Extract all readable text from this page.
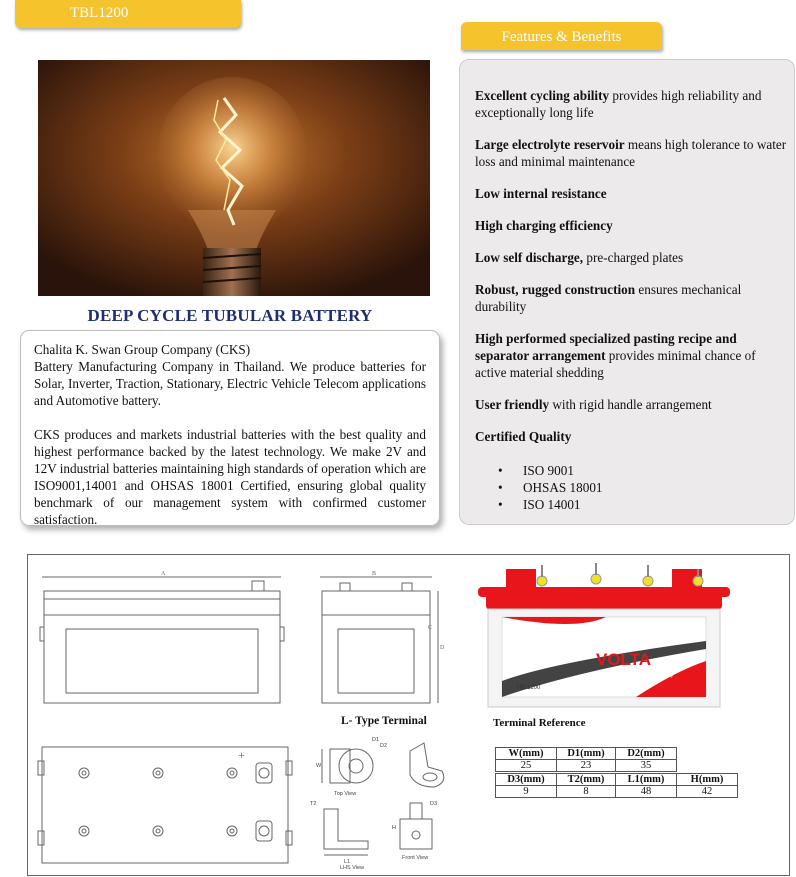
TBL1200
Features & Benefits
DEEP CYCLE TUBULAR BATTERY

Chalita K. Swan Group Company (CKS)

Battery Manufacturing Company in Thailand. We produce batteries for Solar, Inverter, Traction, Stationary, Electric Vehicle Telecom applications and Automotive battery.

CKS produces and markets industrial batteries with the best quality and highest performance backed by the latest technology. We make 2V and 12V industrial batteries maintaining high standards of operation which are ISO9001,14001 and OHSAS 18001 Certified, ensuring global quality benchmark of our management system with confirmed customer satisfaction.

Excellent cycling ability provides high reliability and exceptionally long life

Large electrolyte reservoir means high tolerance to water loss and minimal maintenance

Low internal resistance

High charging efficiency

Low self discharge, pre-charged plates

Robust, rugged construction ensures mechanical durability

High performed specialized pasting recipe and separator arrangement provides minimal chance of active material shedding

User friendly with rigid handle arrangement

Certified Quality

• ISO 9001
• OHSAS 18001
• ISO 14001
A	B
C
D
VOLTA
Deep Cycle Tubular Battery
TBL1200
L- Type Terminal	Terminal Reference
+
D1
D2
W
Top View
T2
L1
LHS View
D3
H
Front View
W(mm)	D1(mm)	D2(mm)
25	23	35
D3(mm)	T2(mm)	L1(mm)	H(mm)
9	8	48	42
